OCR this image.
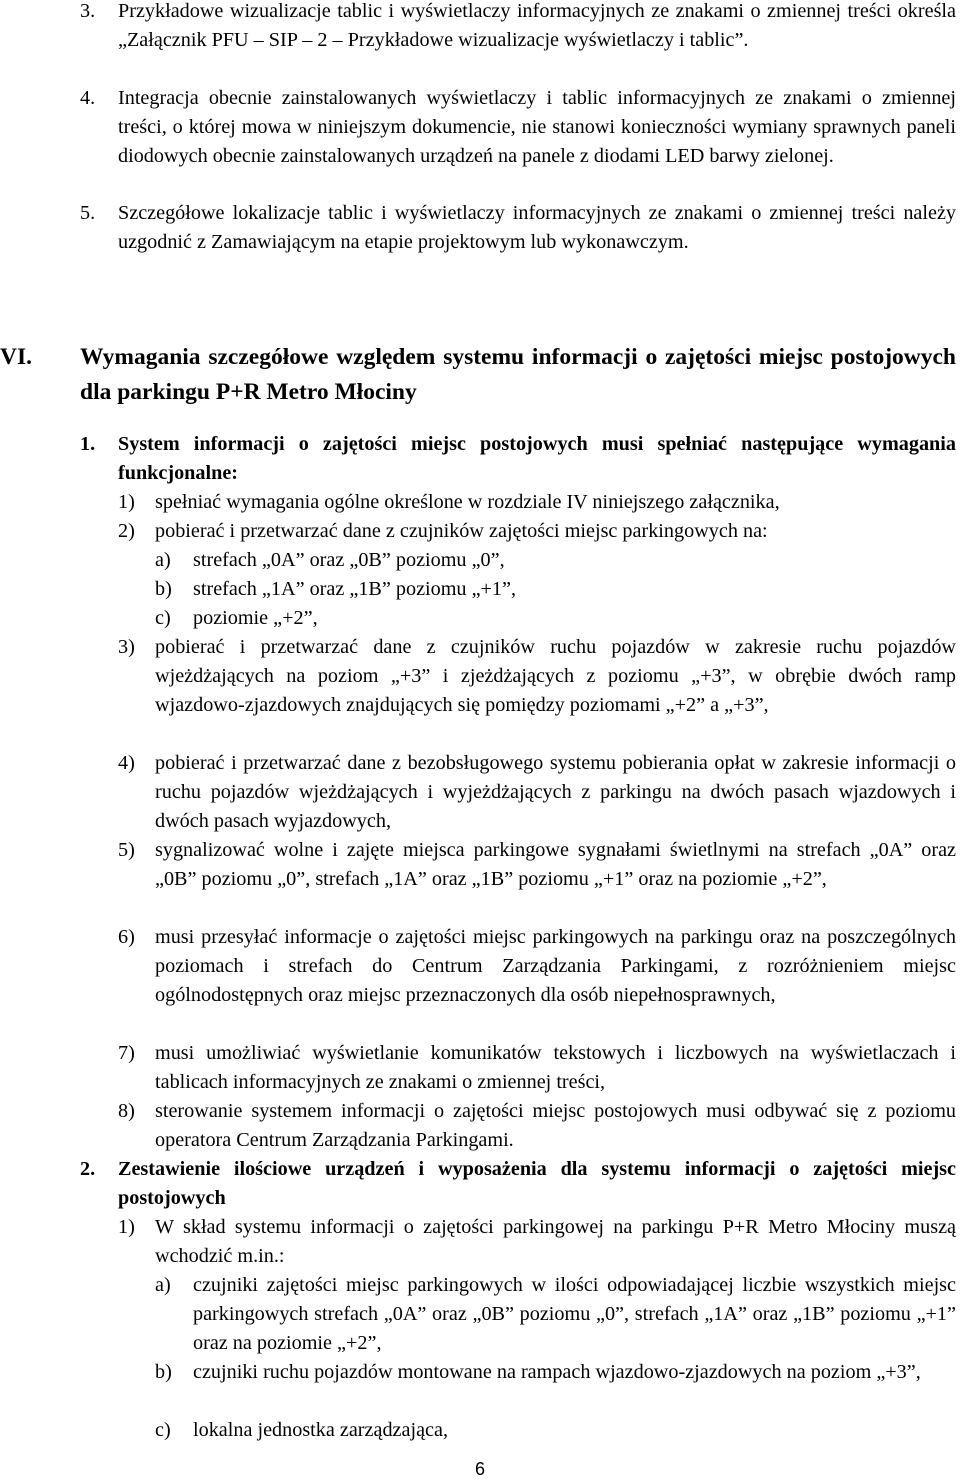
3.	Przykładowe wizualizacje tablic i wyświetlaczy informacyjnych ze znakami o zmiennej treści określa „Załącznik PFU – SIP – 2 – Przykładowe wizualizacje wyświetlaczy i tablic”.
4.	Integracja obecnie zainstalowanych wyświetlaczy i tablic informacyjnych ze znakami o zmiennej treści, o której mowa w niniejszym dokumencie, nie stanowi konieczności wymiany sprawnych paneli diodowych obecnie zainstalowanych urządzeń na panele z diodami LED barwy zielonej.
5.	Szczegółowe lokalizacje tablic i wyświetlaczy informacyjnych ze znakami o zmiennej treści należy uzgodnić z Zamawiającym na etapie projektowym lub wykonawczym.
VI.	Wymagania szczegółowe względem systemu informacji o zajętości miejsc postojowych dla parkingu P+R Metro Młociny
1.	System informacji o zajętości miejsc postojowych musi spełniać następujące wymagania funkcjonalne:
1) spełniać wymagania ogólne określone w rozdziale IV niniejszego załącznika,
2) pobierać i przetwarzać dane z czujników zajętości miejsc parkingowych na:
a)	strefach „0A” oraz „0B” poziomu „0”,
b)	strefach „1A” oraz „1B” poziomu „+1”,
c)	poziomie „+2”,
3) pobierać i przetwarzać dane z czujników ruchu pojazdów w zakresie ruchu pojazdów wjeżdżających na poziom „+3” i zjeżdżających z poziomu „+3”, w obrębie dwóch ramp wjazdowo-zjazdowych znajdujących się pomiędzy poziomami „+2” a „+3”,
4) pobierać i przetwarzać dane z bezobsługowego systemu pobierania opłat w zakresie informacji o ruchu pojazdów wjeżdżających i wyjeżdżających z parkingu na dwóch pasach wjazdowych i dwóch pasach wyjazdowych,
5) sygnalizować wolne i zajęte miejsca parkingowe sygnałami świetlnymi na strefach „0A” oraz „0B” poziomu „0”, strefach „1A” oraz „1B” poziomu „+1” oraz na poziomie „+2”,
6) musi przesyłać informacje o zajętości miejsc parkingowych na parkingu oraz na poszczególnych poziomach i strefach do Centrum Zarządzania Parkingami, z rozróżnieniem miejsc ogólnodostępnych oraz miejsc przeznaczonych dla osób niepełnosprawnych,
7) musi umożliwiać wyświetlanie komunikatów tekstowych i liczbowych na wyświetlaczach i tablicach informacyjnych ze znakami o zmiennej treści,
8) sterowanie systemem informacji o zajętości miejsc postojowych musi odbywać się z poziomu operatora Centrum Zarządzania Parkingami.
2.	Zestawienie ilościowe urządzeń i wyposażenia dla systemu informacji o zajętości miejsc postojowych
1) W skład systemu informacji o zajętości parkingowej na parkingu P+R Metro Młociny muszą wchodzić m.in.:
a)	czujniki zajętości miejsc parkingowych w ilości odpowiadającej liczbie wszystkich miejsc parkingowych strefach „0A” oraz „0B” poziomu „0”, strefach „1A” oraz „1B” poziomu „+1” oraz na poziomie „+2”,
b)	czujniki ruchu pojazdów montowane na rampach wjazdowo-zjazdowych na poziom „+3”,
c)	lokalna jednostka zarządzająca,
6
